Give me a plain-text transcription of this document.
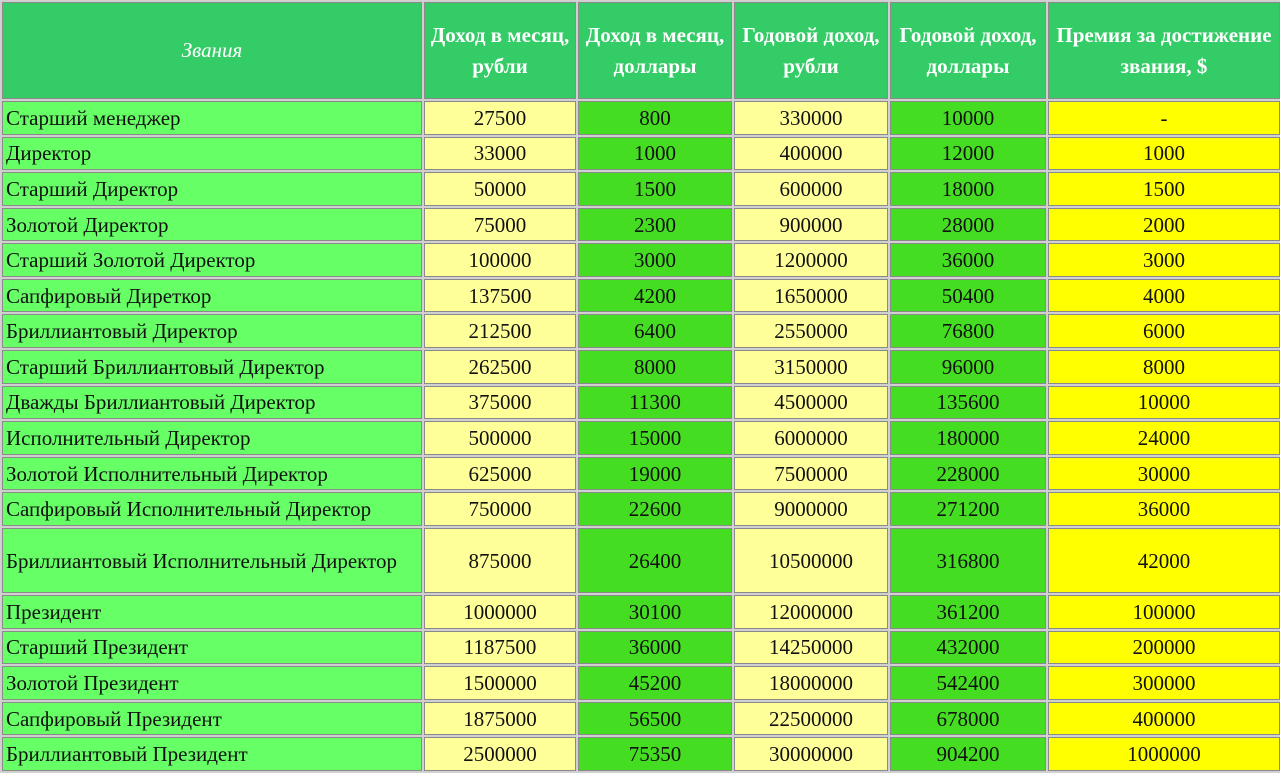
Звания	Доход в месяц, рубли	Доход в месяц, доллары	Годовой доход, рубли	Годовой доход, доллары	Премия за достижение звания, $
Старший менеджер	27500	800	330000	10000	-
Директор	33000	1000	400000	12000	1000
Старший Директор	50000	1500	600000	18000	1500
Золотой Директор	75000	2300	900000	28000	2000
Старший Золотой Директор	100000	3000	1200000	36000	3000
Сапфировый Диреткор	137500	4200	1650000	50400	4000
Бриллиантовый Директор	212500	6400	2550000	76800	6000
Старший Бриллиантовый Директор	262500	8000	3150000	96000	8000
Дважды Бриллиантовый Директор	375000	11300	4500000	135600	10000
Исполнительный Директор	500000	15000	6000000	180000	24000
Золотой Исполнительный Директор	625000	19000	7500000	228000	30000
Сапфировый Исполнительный Директор	750000	22600	9000000	271200	36000
Бриллиантовый Исполнительный Директор	875000	26400	10500000	316800	42000
Президент	1000000	30100	12000000	361200	100000
Старший Президент	1187500	36000	14250000	432000	200000
Золотой Президент	1500000	45200	18000000	542400	300000
Сапфировый Президент	1875000	56500	22500000	678000	400000
Бриллиантовый Президент	2500000	75350	30000000	904200	1000000
